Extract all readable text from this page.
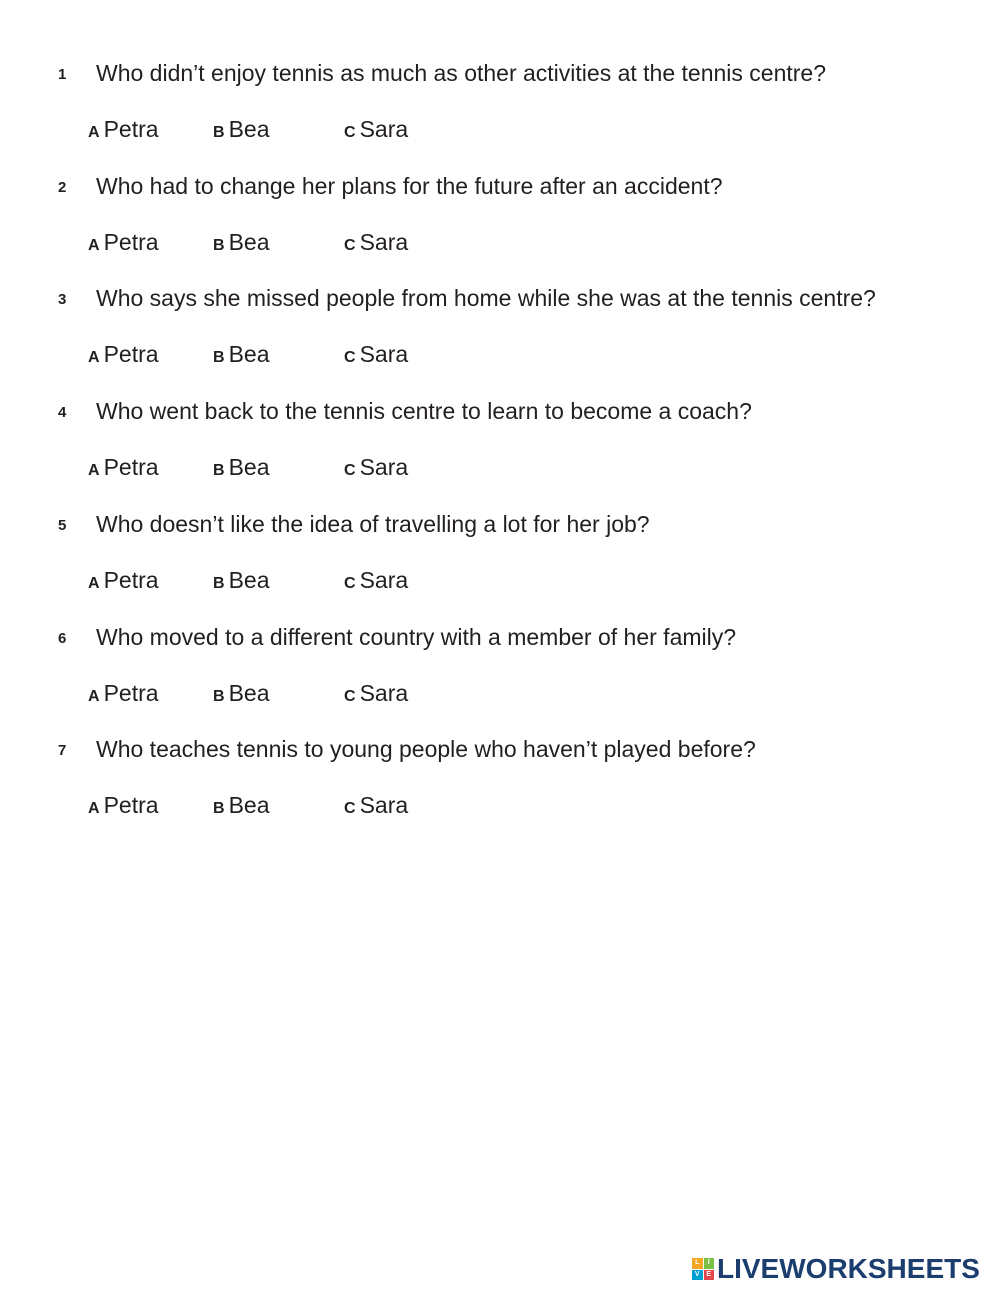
1 Who didn’t enjoy tennis as much as other activities at the tennis centre?
A Petra	B Bea	C Sara
2 Who had to change her plans for the future after an accident?
A Petra	B Bea	C Sara
3 Who says she missed people from home while she was at the tennis centre?
A Petra	B Bea	C Sara
4 Who went back to the tennis centre to learn to become a coach?
A Petra	B Bea	C Sara
5 Who doesn’t like the idea of travelling a lot for her job?
A Petra	B Bea	C Sara
6 Who moved to a different country with a member of her family?
A Petra	B Bea	C Sara
7 Who teaches tennis to young people who haven’t played before?
A Petra	B Bea	C Sara
L	I
V E LIVEWORKSHEETS
